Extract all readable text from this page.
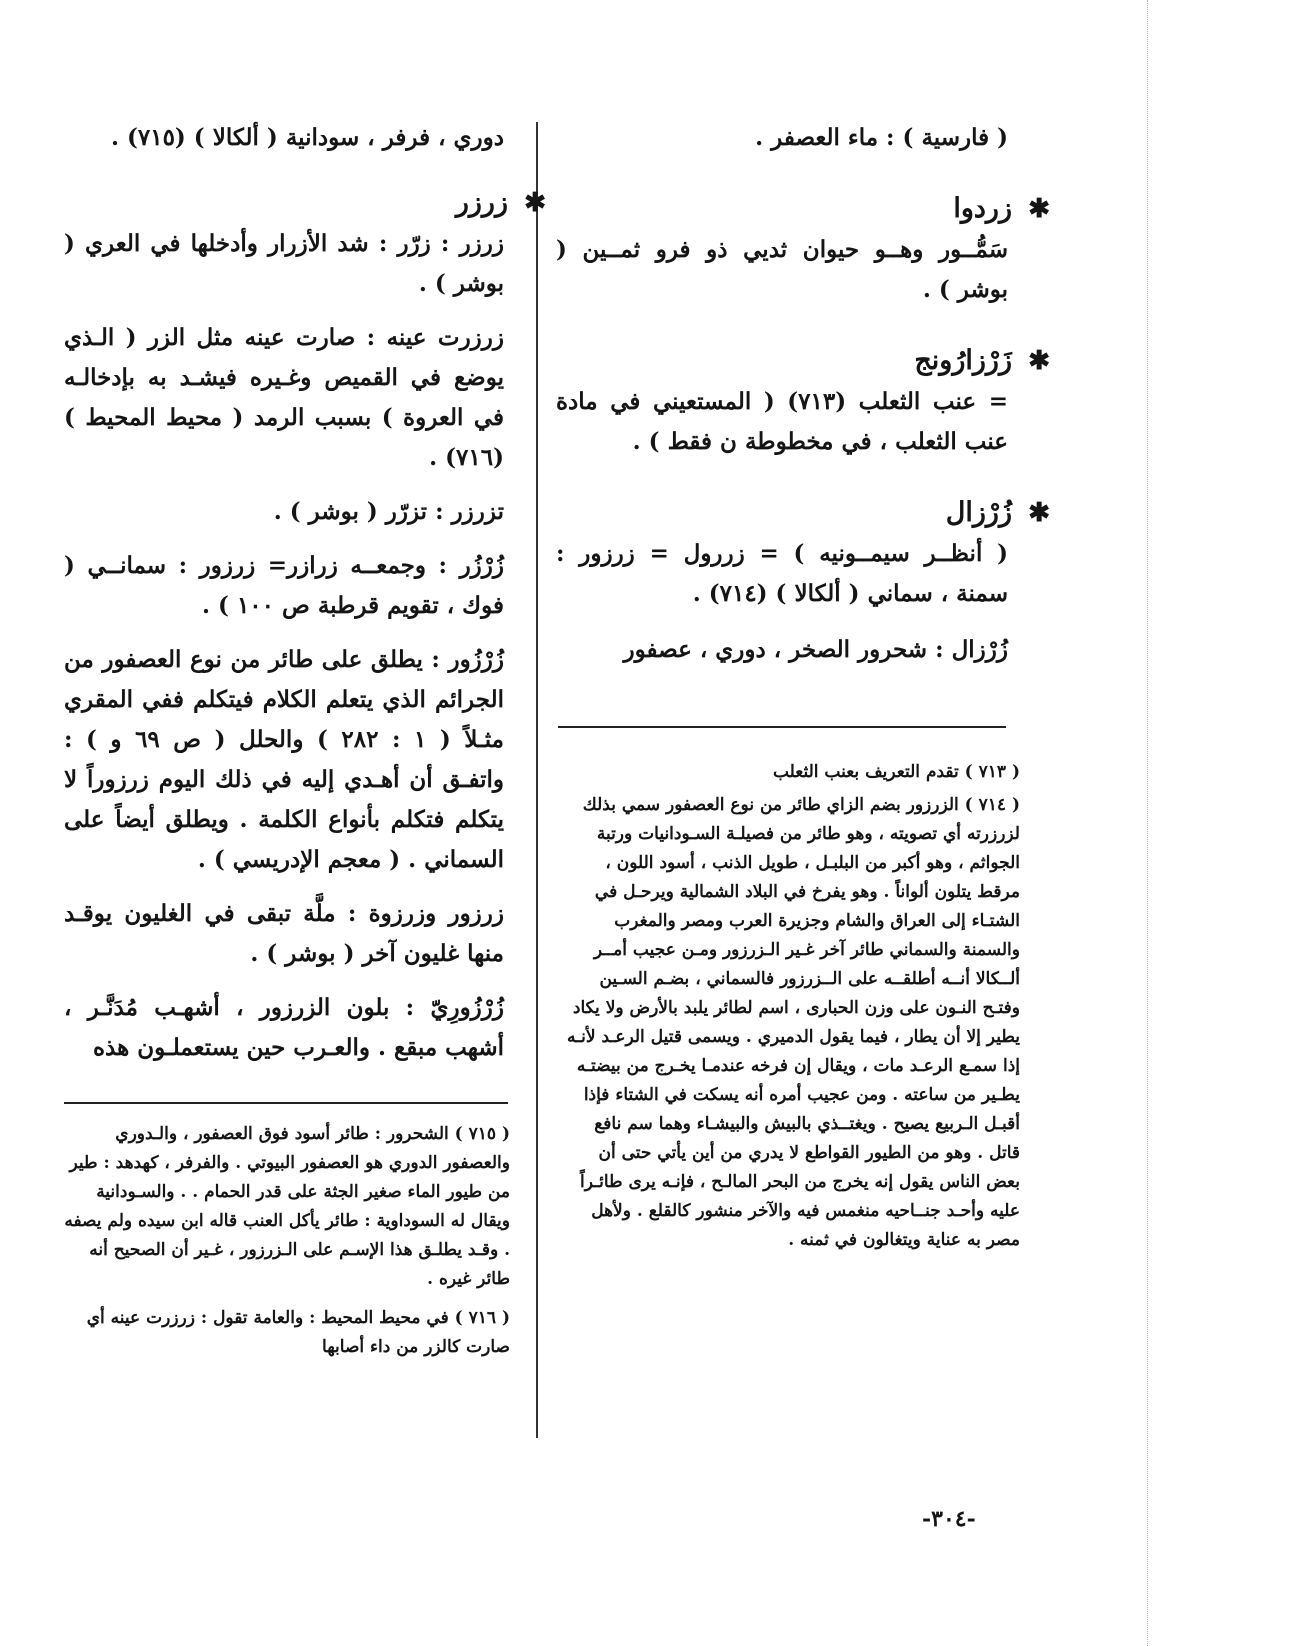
( فارسية ) : ماء العصفر .

✱
زردوا

سَمُّــور وهــو حيوان ثديي ذو فرو ثمــين ( بوشر ) .

✱
زَرْزارُونج

= عنب الثعلب (٧١٣) ( المستعيني في مادة عنب الثعلب ، في مخطوطة ن فقط ) .

✱
زُرْزال

( أنظــر سيمــونيه ) = زررول = زرزور : سمنة ، سماني ( ألكالا ) (٧١٤) .

زُرْزال : شحرور الصخر ، دوري ، عصفور

( ٧١٣ ) تقدم التعريف بعنب الثعلب

( ٧١٤ ) الزرزور بضم الزاي طائر من نوع العصفور سمي بذلك لزرزرته أي تصويته ، وهو طائر من فصيلـة السـودانيات ورتبة الجواثم ، وهو أكبر من البلبـل ، طويل الذنب ، أسود اللون ، مرقط يتلون ألواناً . وهو يفرخ في البلاد الشمالية ويرحـل في الشتـاء إلى العراق والشام وجزيرة العرب ومصر والمغرب والسمنة والسماني طائر آخر غـير الـزرزور ومـن عجيب أمــر ألــكالا أنــه أطلقــه على الــزرزور فالسماني ، بضـم السـين وفتـح النـون على وزن الحبارى ، اسم لطائر يلبد بالأرض ولا يكاد يطير إلا أن يطار ، فيما يقول الدميري . ويسمى قتيل الرعـد لأنـه إذا سمـع الرعـد مات ، ويقال إن فرخه عندمـا يخـرج من بيضتـه يطـير من ساعته . ومن عجيب أمره أنه يسكت في الشتاء فإذا أقبـل الـربيع يصيح . ويغتــذي بالبيش والبيشـاء وهما سم نافع قاتل . وهو من الطيور القواطع لا يدري من أين يأتي حتى أن بعض الناس يقول إنه يخرج من البحر المالـح ، فإنـه يرى طائـراً عليه وأحـد جنــاحيه منغمس فيه والآخر منشور كالقلع . ولأهل مصر به عناية ويتغالون في ثمنه .

دوري ، فرفر ، سودانية ( ألكالا ) (٧١٥) .

✱
زرزر

زرزر : زرّر : شد الأزرار وأدخلها في العري ( بوشر ) .

زرزرت عينه : صارت عينه مثل الزر ( الـذي يوضع في القميص وغـيره فيشـد به بإدخالـه في العروة ) بسبب الرمد ( محيط المحيط ) (٧١٦) .

تزرزر : تزرّر ( بوشر ) .

زُرْزُر : وجمعــه زرازر= زرزور : سمانــي ( فوك ، تقويم قرطبة ص ١٠٠ ) .

زُرْزُور : يطلق على طائر من نوع العصفور من الجرائم الذي يتعلم الكلام فيتكلم ففي المقري مثـلاً ( ١ : ٢٨٢ ) والحلل ( ص ٦٩ و ) : واتفـق أن أهـدي إليه في ذلك اليوم زرزوراً لا يتكلم فتكلم بأنواع الكلمة . ويطلق أيضاً على السماني . ( معجم الإدريسي ) .

زرزور وزرزوة : ملَّة تبقى في الغليون يوقـد منها غليون آخر ( بوشر ) .

زُرْزُورِيّ : بلون الزرزور ، أشهـب مُدَنَّـر ، أشهب مبقع . والعـرب حين يستعملـون هذه

( ٧١٥ ) الشحرور : طائر أسود فوق العصفور ، والـدوري والعصفور الدوري هو العصفور البيوتي . والفرفر ، كهدهد : طير من طيور الماء صغير الجثة على قدر الحمام . . والسـودانية ويقال له السوداوية : طائر يأكل العنب قاله ابن سيده ولم يصفه . وقـد يطلـق هذا الإسـم على الـزرزور ، غـير أن الصحيح أنه طائر غيره .

( ٧١٦ ) في محيط المحيط : والعامة تقول : زرزرت عينه أي صارت كالزر من داء أصابها

-٣٠٤-
